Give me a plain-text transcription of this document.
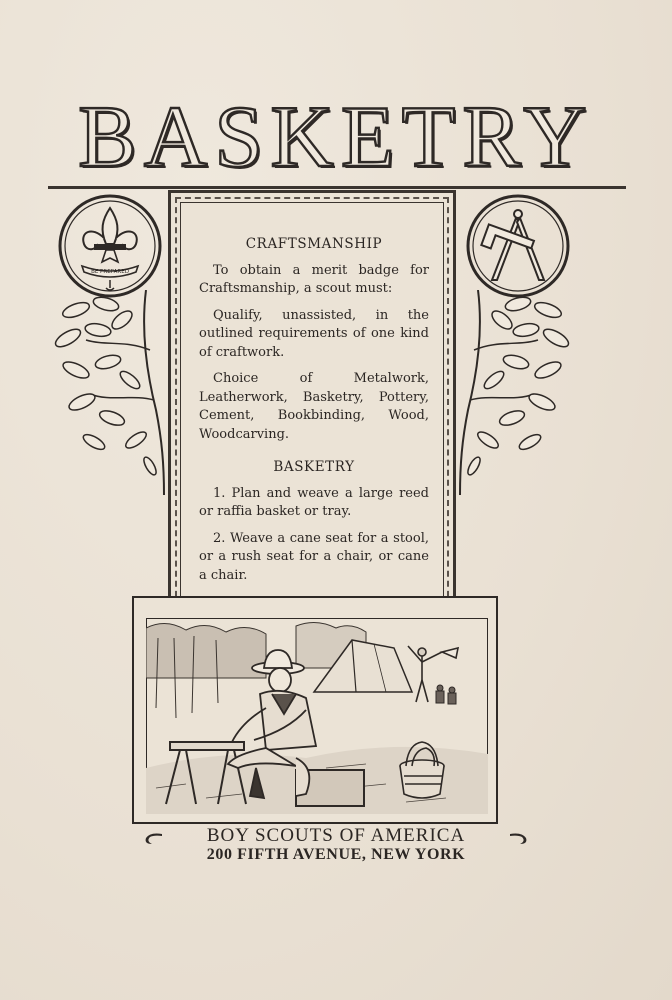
BASKETRY
BE PREPARED
CRAFTSMANSHIP

To obtain a merit badge for Craftsmanship, a scout must:

Qualify, unassisted, in the outlined requirements of one kind of craftwork.

Choice of Metalwork, Leatherwork, Basketry, Pottery, Cement, Bookbinding, Wood, Woodcarving.

BASKETRY

1. Plan and weave a large reed or raffia basket or tray.

2. Weave a cane seat for a stool, or a rush seat for a chair, or cane a chair.

BOY SCOUTS OF AMERICA
200 FIFTH AVENUE, NEW YORK
